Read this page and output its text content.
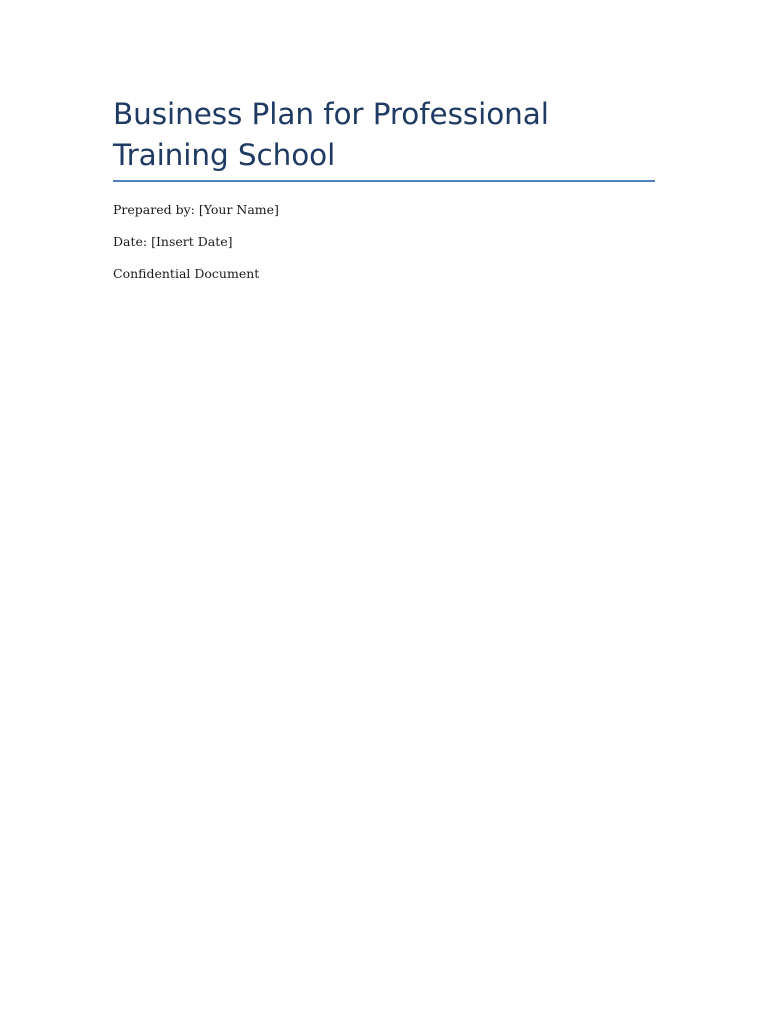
Business Plan for Professional Training School

Prepared by: [Your Name]

Date: [Insert Date]

Confidential Document
